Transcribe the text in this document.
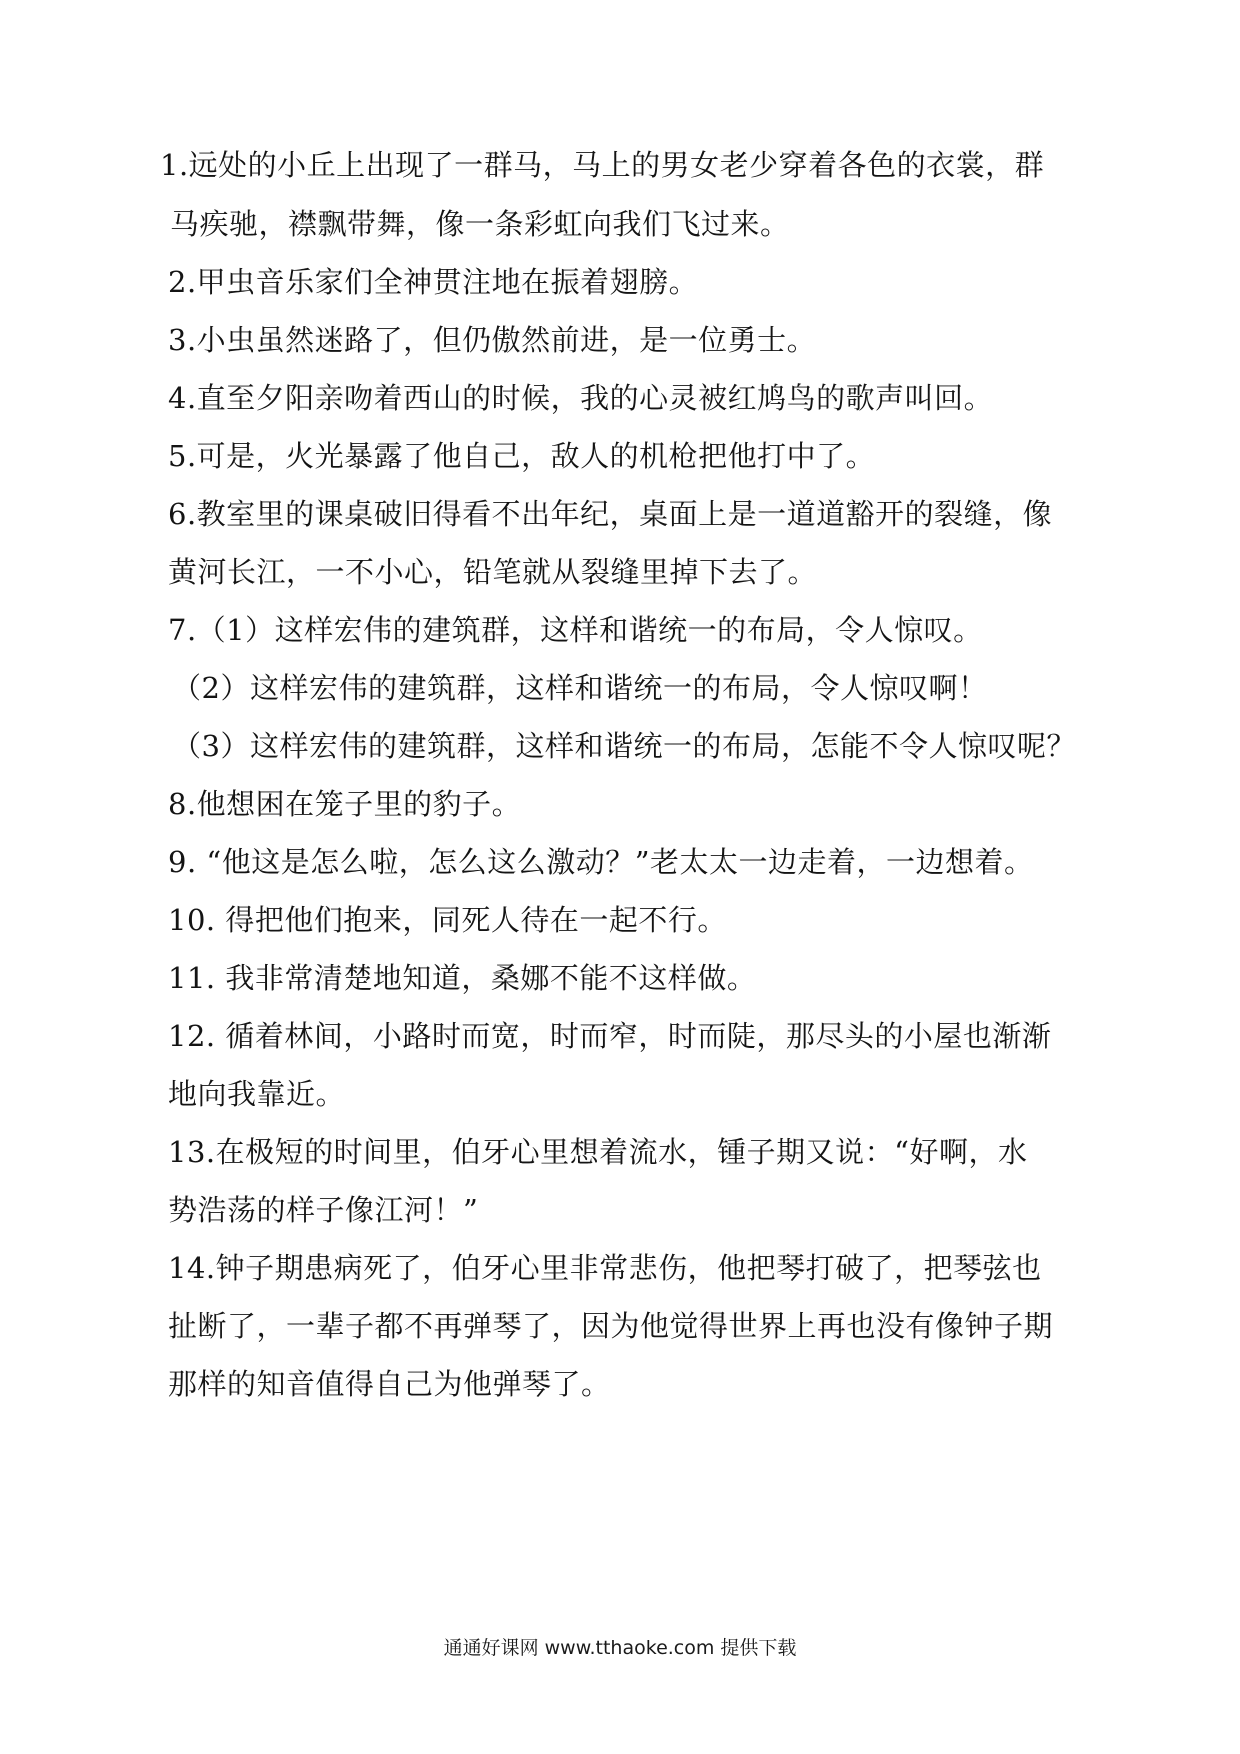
1.远处的小丘上出现了一群马，马上的男女老少穿着各色的衣裳，群
马疾驰，襟飘带舞，像一条彩虹向我们飞过来。
2.甲虫音乐家们全神贯注地在振着翅膀。
3.小虫虽然迷路了，但仍傲然前进，是一位勇士。
4.直至夕阳亲吻着西山的时候，我的心灵被红鸠鸟的歌声叫回。
5.可是，火光暴露了他自己，敌人的机枪把他打中了。
6.教室里的课桌破旧得看不出年纪，桌面上是一道道豁开的裂缝，像
黄河长江，一不小心，铅笔就从裂缝里掉下去了。
7.（1）这样宏伟的建筑群，这样和谐统一的布局，令人惊叹。
（2）这样宏伟的建筑群，这样和谐统一的布局，令人惊叹啊！
（3）这样宏伟的建筑群，这样和谐统一的布局，怎能不令人惊叹呢？
8.他想困在笼子里的豹子。
9. “他这是怎么啦，怎么这么激动？”老太太一边走着，一边想着。
10. 得把他们抱来，同死人待在一起不行。
11. 我非常清楚地知道，桑娜不能不这样做。
12. 循着林间，小路时而宽，时而窄，时而陡，那尽头的小屋也渐渐
地向我靠近。
13.在极短的时间里，伯牙心里想着流水，锺子期又说：“好啊，水
势浩荡的样子像江河！”
14.钟子期患病死了，伯牙心里非常悲伤，他把琴打破了，把琴弦也
扯断了，一辈子都不再弹琴了，因为他觉得世界上再也没有像钟子期
那样的知音值得自己为他弹琴了。
通通好课网 www.tthaoke.com 提供下载
